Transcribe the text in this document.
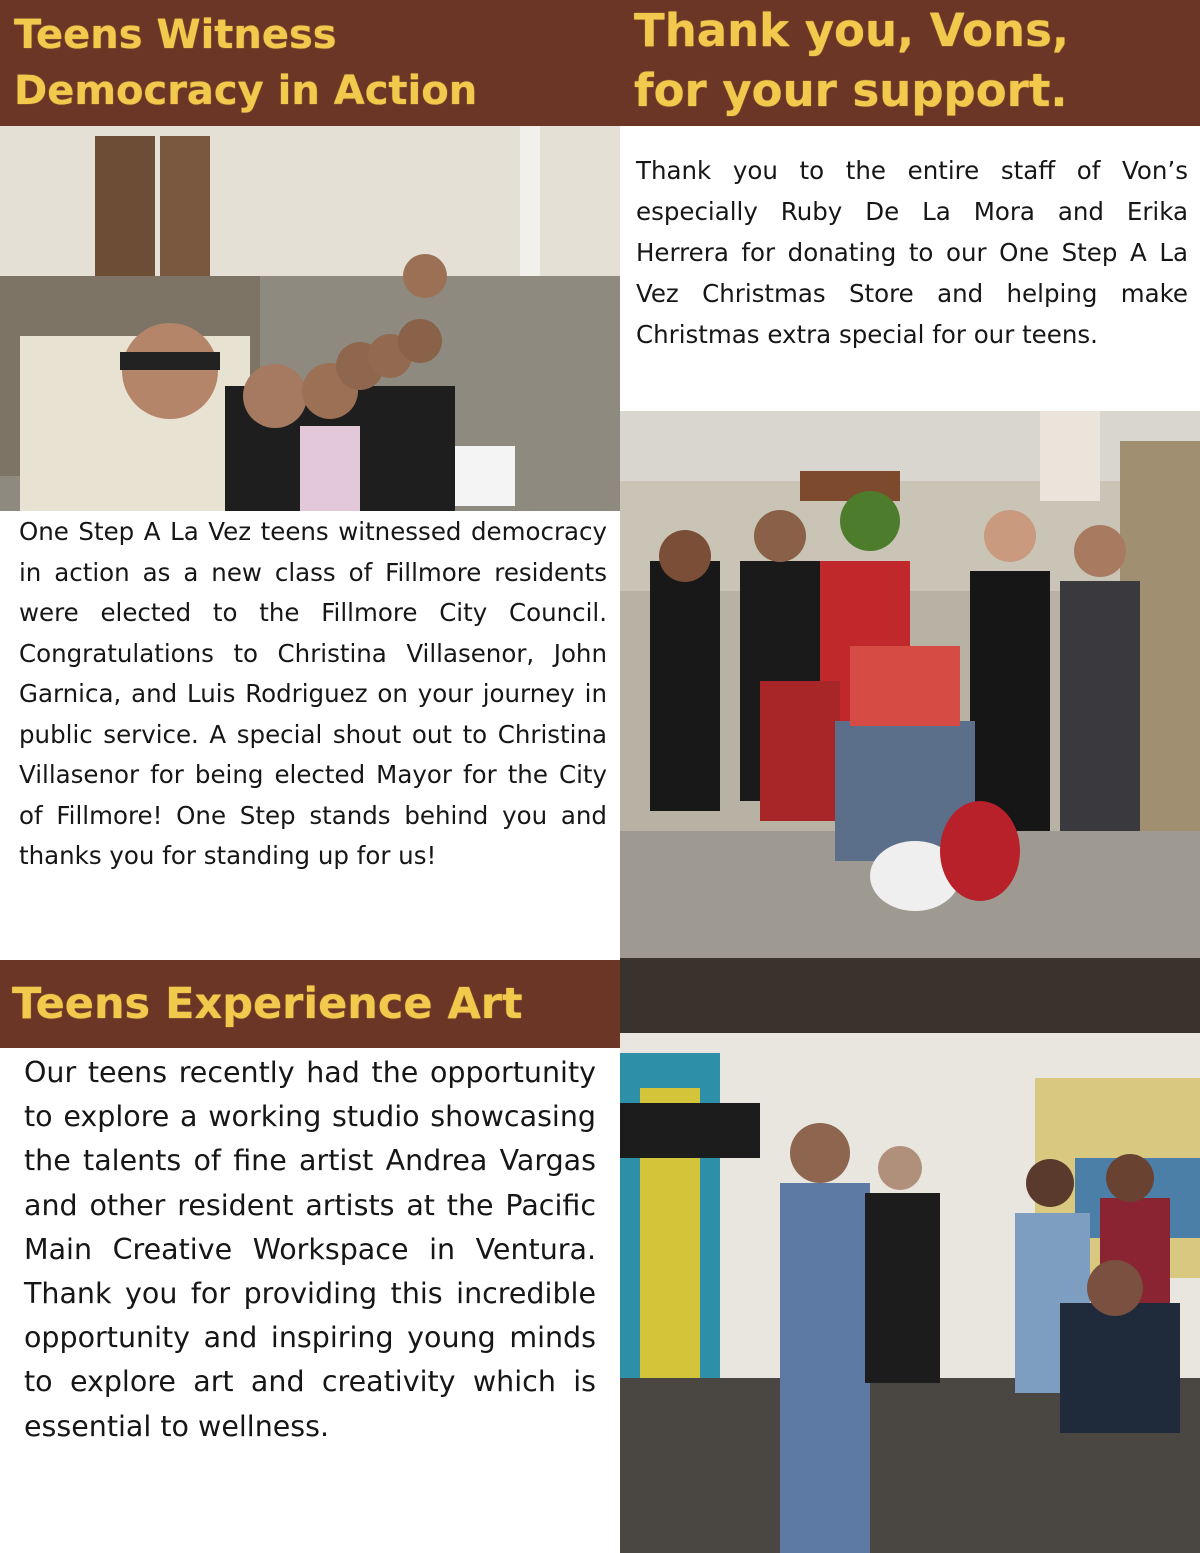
Teens Witness
Democracy in Action
Thank you, Vons,
for your support.

Thank you to the entire staff of Von’s especially Ruby De La Mora and Erika Herrera for donating to our One Step A La Vez Christmas Store and helping make Christmas extra special for our teens.

One Step A La Vez teens witnessed democracy in action as a new class of Fillmore residents were elected to the Fillmore City Council. Congratulations to Christina Villasenor, John Garnica, and Luis Rodriguez on your journey in public service. A special shout out to Christina Villasenor for being elected Mayor for the City of Fillmore! One Step stands behind you and thanks you for standing up for us!

Teens Experience Art

Our teens recently had the opportunity to explore a working studio showcasing the talents of fine artist Andrea Vargas and other resident artists at the Pacific Main Creative Workspace in Ventura. Thank you for providing this incredible opportunity and inspiring young minds to explore art and creativity which is essential to wellness.
